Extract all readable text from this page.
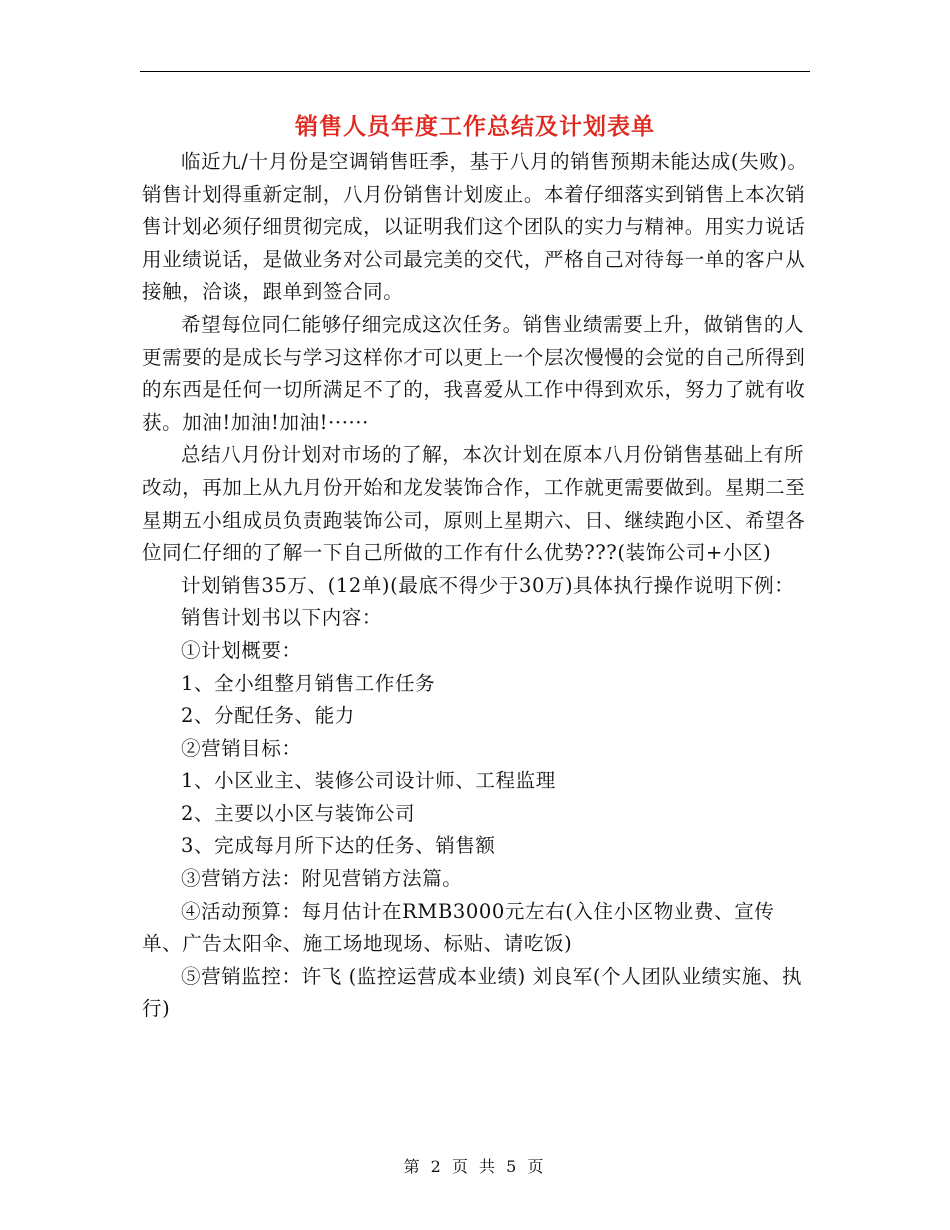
销售人员年度工作总结及计划表单

临近九/十月份是空调销售旺季，基于八月的销售预期未能达成(失败)。销售计划得重新定制，八月份销售计划废止。本着仔细落实到销售上本次销售计划必须仔细贯彻完成，以证明我们这个团队的实力与精神。用实力说话用业绩说话，是做业务对公司最完美的交代，严格自己对待每一单的客户从接触，洽谈，跟单到签合同。

希望每位同仁能够仔细完成这次任务。销售业绩需要上升，做销售的人更需要的是成长与学习这样你才可以更上一个层次慢慢的会觉的自己所得到的东西是任何一切所满足不了的，我喜爱从工作中得到欢乐，努力了就有收获。加油!加油!加油!······

总结八月份计划对市场的了解，本次计划在原本八月份销售基础上有所改动，再加上从九月份开始和龙发装饰合作，工作就更需要做到。星期二至星期五小组成员负责跑装饰公司，原则上星期六、日、继续跑小区、希望各位同仁仔细的了解一下自己所做的工作有什么优势???(装饰公司+小区)

计划销售35万、(12单)(最底不得少于30万)具体执行操作说明下例：

销售计划书以下内容：

①计划概要：

1、全小组整月销售工作任务

2、分配任务、能力

②营销目标：

1、小区业主、装修公司设计师、工程监理

2、主要以小区与装饰公司

3、完成每月所下达的任务、销售额

③营销方法：附见营销方法篇。

④活动预算：每月估计在RMB3000元左右(入住小区物业费、宣传单、广告太阳伞、施工场地现场、标贴、请吃饭)

⑤营销监控：许飞 (监控运营成本业绩) 刘良军(个人团队业绩实施、执行)

第 2 页 共 5 页
